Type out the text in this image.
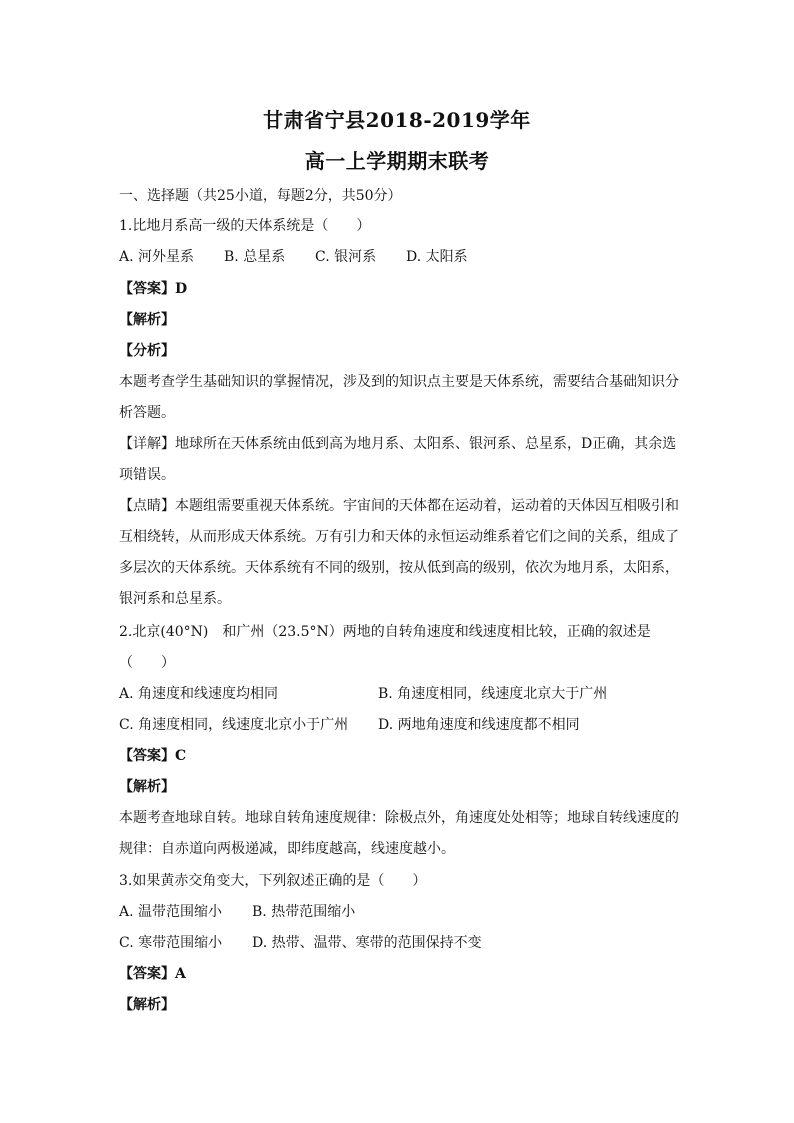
甘肃省宁县2018-2019学年
高一上学期期末联考
一、选择题（共25小道，每题2分，共50分）
1.比地月系高一级的天体系统是（　　）
A. 河外星系 B. 总星系 C. 银河系 D. 太阳系
【答案】D
【解析】
【分析】
本题考查学生基础知识的掌握情况，涉及到的知识点主要是天体系统，需要结合基础知识分
析答题。
【详解】地球所在天体系统由低到高为地月系、太阳系、银河系、总星系，D正确，其余选
项错误。
【点睛】本题组需要重视天体系统。宇宙间的天体都在运动着，运动着的天体因互相吸引和
互相绕转，从而形成天体系统。万有引力和天体的永恒运动维系着它们之间的关系，组成了
多层次的天体系统。天体系统有不同的级别，按从低到高的级别，依次为地月系，太阳系，
银河系和总星系。
2.北京(40°N)　和广州（23.5°N）两地的自转角速度和线速度相比较，正确的叙述是
（　　）
A. 角速度和线速度均相同	B. 角速度相同，线速度北京大于广州
C. 角速度相同，线速度北京小于广州 D. 两地角速度和线速度都不相同
【答案】C
【解析】
本题考查地球自转。地球自转角速度规律：除极点外，角速度处处相等；地球自转线速度的
规律：自赤道向两极递减，即纬度越高，线速度越小。
3.如果黄赤交角变大，下列叙述正确的是（　　）
A. 温带范围缩小 B. 热带范围缩小
C. 寒带范围缩小 D. 热带、温带、寒带的范围保持不变
【答案】A
【解析】
